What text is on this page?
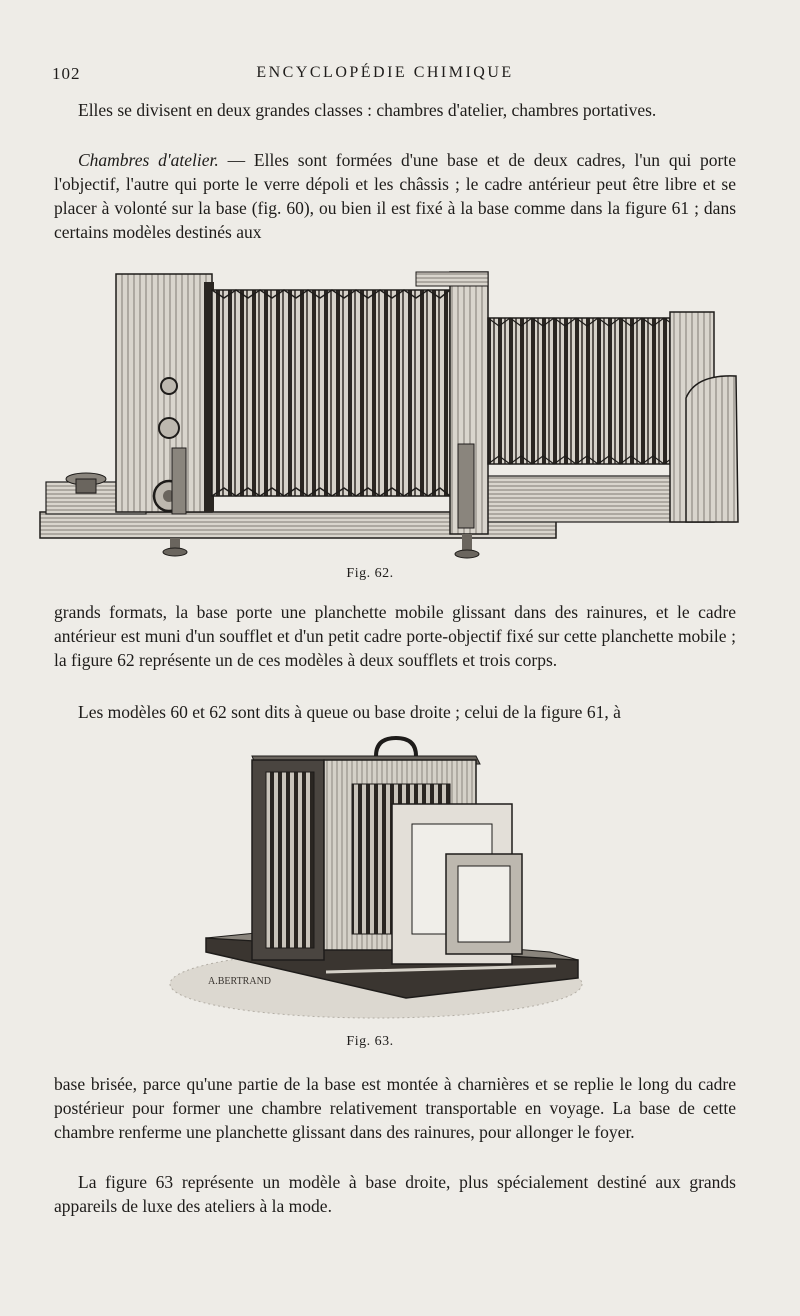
102	ENCYCLOPÉDIE CHIMIQUE

Elles se divisent en deux grandes classes : chambres d'atelier, chambres portatives.

Chambres d'atelier. — Elles sont formées d'une base et de deux cadres, l'un qui porte l'objectif, l'autre qui porte le verre dépoli et les châssis ; le cadre antérieur peut être libre et se placer à volonté sur la base (fig. 60), ou bien il est fixé à la base comme dans la figure 61 ; dans certains modèles destinés aux

Fig. 62.

grands formats, la base porte une planchette mobile glissant dans des rainures, et le cadre antérieur est muni d'un soufflet et d'un petit cadre porte-objectif fixé sur cette planchette mobile ; la figure 62 représente un de ces modèles à deux soufflets et trois corps.

Les modèles 60 et 62 sont dits à queue ou base droite ; celui de la figure 61, à

A.BERTRAND
Fig. 63.

base brisée, parce qu'une partie de la base est montée à charnières et se replie le long du cadre postérieur pour former une chambre relativement transportable en voyage. La base de cette chambre renferme une planchette glissant dans des rainures, pour allonger le foyer.

La figure 63 représente un modèle à base droite, plus spécialement destiné aux grands appareils de luxe des ateliers à la mode.
